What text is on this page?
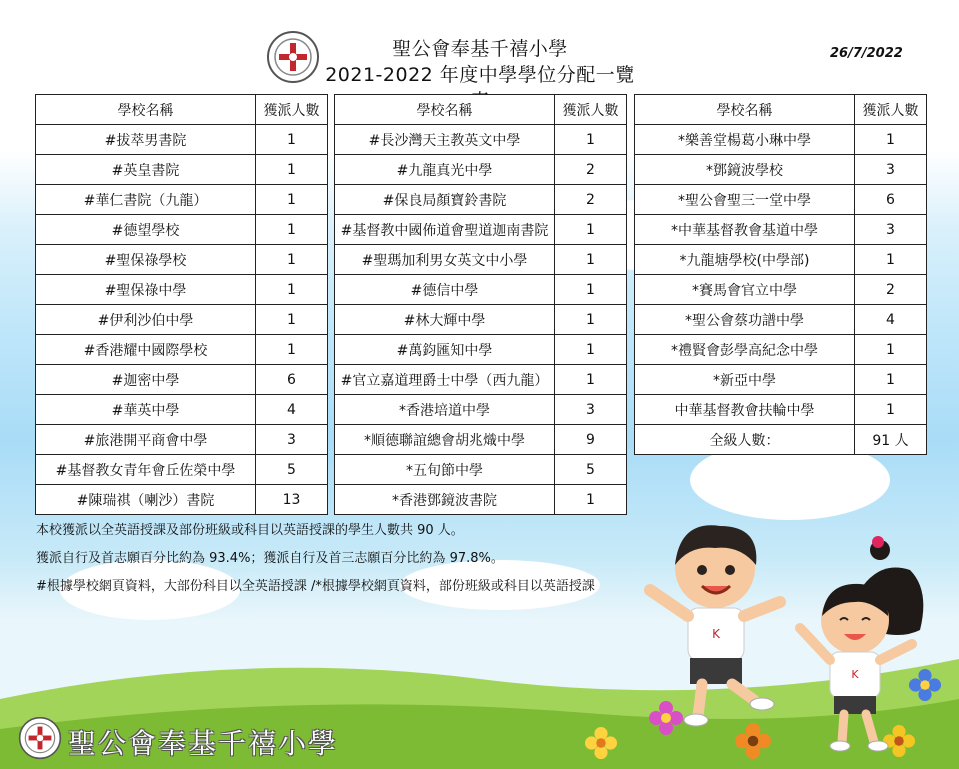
K
K
聖公會奉基千禧小學
2021-2022 年度中學學位分配一覽
26/7/2022
學校名稱	獲派人數
#拔萃男書院	1
#英皇書院	1
#華仁書院（九龍）	1
#德望學校	1
#聖保祿學校	1
#聖保祿中學	1
#伊利沙伯中學	1
#香港耀中國際學校	1
#迦密中學	6
#華英中學	4
#旅港開平商會中學	3
#基督教女青年會丘佐榮中學	5
#陳瑞祺（喇沙）書院	13
學校名稱	獲派人數
#長沙灣天主教英文中學	1
#九龍真光中學	2
#保良局顏寶鈴書院	2
#基督教中國佈道會聖道迦南書院	1
#聖瑪加利男女英文中小學	1
#德信中學	1
#林大輝中學	1
#萬鈞匯知中學	1
#官立嘉道理爵士中學（西九龍）	1
*香港培道中學	3
*順德聯誼總會胡兆熾中學	9
*五旬節中學	5
*香港鄧鏡波書院	1
學校名稱	獲派人數
*樂善堂楊葛小琳中學	1
*鄧鏡波學校	3
*聖公會聖三一堂中學	6
*中華基督教會基道中學	3
*九龍塘學校(中學部)	1
*賽馬會官立中學	2
*聖公會蔡功譜中學	4
*禮賢會彭學高紀念中學	1
*新亞中學	1
中華基督教會扶輪中學	1
全級人數：	91 人
本校獲派以全英語授課及部份班級或科目以英語授課的學生人數共 90 人。
獲派自行及首志願百分比約為 93.4%；獲派自行及首三志願百分比約為 97.8%。
#根據學校網頁資料，大部份科目以全英語授課 /*根據學校網頁資料，部份班級或科目以英語授課
聖公會奉基千禧小學
